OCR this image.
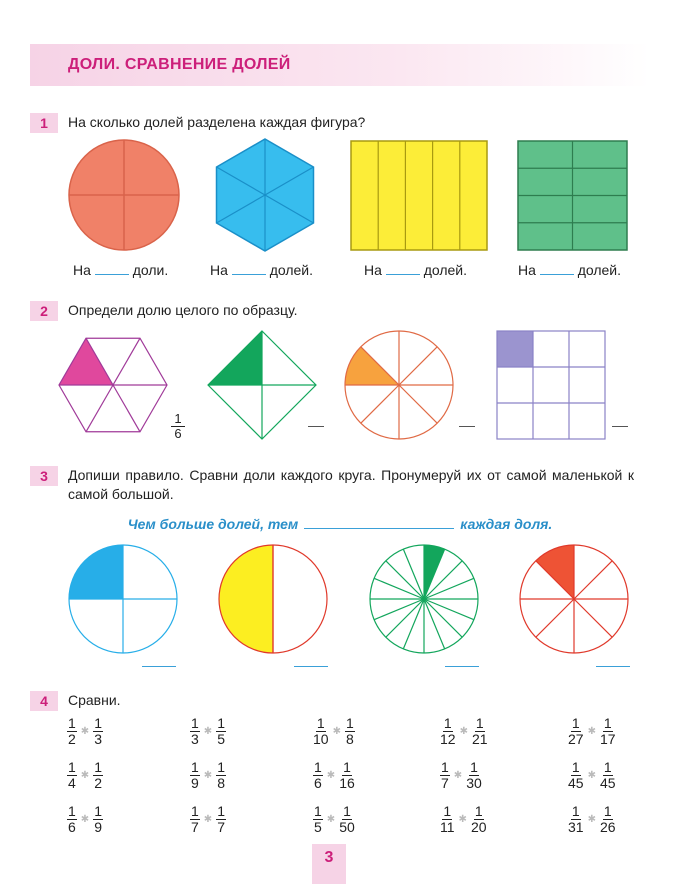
ДОЛИ. СРАВНЕНИЕ ДОЛЕЙ
1	На сколько долей разделена каждая фигура?
На	доли.	На	долей.	На	долей.	На	долей.
2	Определи долю целого по образцу.
$\frac{1}{6}$
3	Допиши правило. Сравни доли каждого круга. Пронумеруй их от самой маленькой к самой большой.
Чем больше долей, тем	каждая доля.
4	Сравни.
$\frac{1}{2}$ ✱ $\frac{1}{3}$	$\frac{1}{3}$ ✱ $\frac{1}{5}$	$\frac{1}{10}$ ✱ $\frac{1}{8}$	$\frac{1}{12}$ ✱ $\frac{1}{21}$	$\frac{1}{27}$ ✱ $\frac{1}{17}$
$\frac{1}{4}$ ✱ $\frac{1}{2}$	$\frac{1}{9}$ ✱ $\frac{1}{8}$	$\frac{1}{6}$ ✱ $\frac{1}{16}$	$\frac{1}{7}$ ✱ $\frac{1}{30}$	$\frac{1}{45}$ ✱ $\frac{1}{45}$
$\frac{1}{6}$ ✱ $\frac{1}{9}$	$\frac{1}{7}$ ✱ $\frac{1}{7}$	$\frac{1}{5}$ ✱ $\frac{1}{50}$	$\frac{1}{11}$ ✱ $\frac{1}{20}$	$\frac{1}{31}$ ✱ $\frac{1}{26}$
3
